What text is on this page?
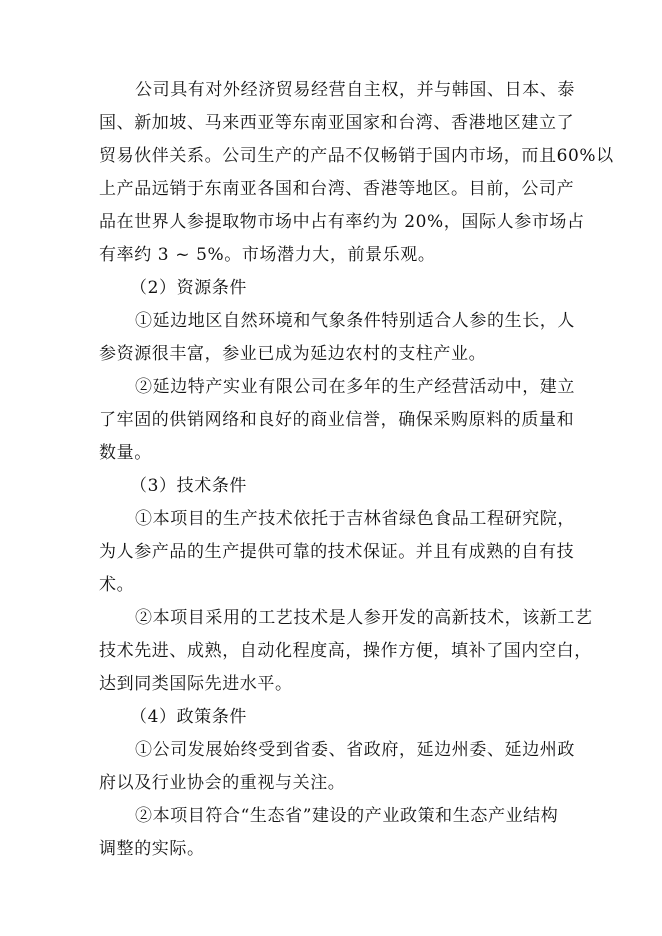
公司具有对外经济贸易经营自主权，并与韩国、日本、泰
国、新加坡、马来西亚等东南亚国家和台湾、香港地区建立了
贸易伙伴关系。公司生产的产品不仅畅销于国内市场，而且60%以
上产品远销于东南亚各国和台湾、香港等地区。目前，公司产
品在世界人参提取物市场中占有率约为 20%，国际人参市场占
有率约 3 ~ 5%。市场潜力大，前景乐观。
（2）资源条件
①延边地区自然环境和气象条件特别适合人参的生长，人
参资源很丰富，参业已成为延边农村的支柱产业。
②延边特产实业有限公司在多年的生产经营活动中，建立
了牢固的供销网络和良好的商业信誉，确保采购原料的质量和
数量。
（3）技术条件
①本项目的生产技术依托于吉林省绿色食品工程研究院，
为人参产品的生产提供可靠的技术保证。并且有成熟的自有技
术。
②本项目采用的工艺技术是人参开发的高新技术，该新工艺
技术先进、成熟，自动化程度高，操作方便，填补了国内空白，
达到同类国际先进水平。
（4）政策条件
①公司发展始终受到省委、省政府，延边州委、延边州政
府以及行业协会的重视与关注。
②本项目符合“生态省”建设的产业政策和生态产业结构
调整的实际。
